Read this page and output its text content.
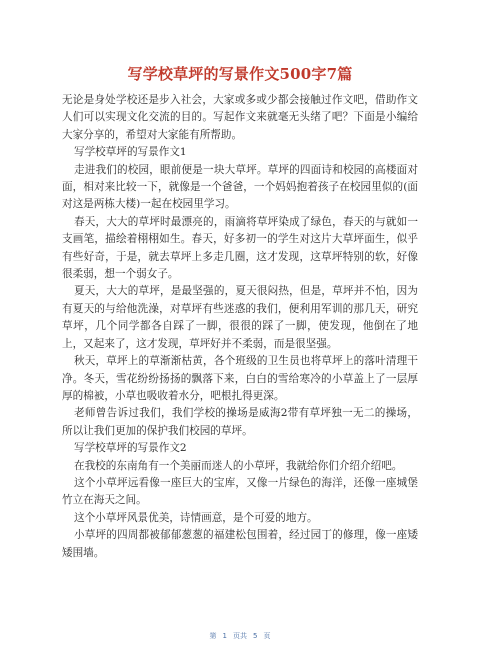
写学校草坪的写景作文500字7篇

无论是身处学校还是步入社会，大家或多或少都会接触过作文吧，借助作文人们可以实现文化交流的目的。写起作文来就毫无头绪了吧？下面是小编给大家分享的，希望对大家能有所帮助。

写学校草坪的写景作文1

走进我们的校园，眼前便是一块大草坪。草坪的四面诗和校园的高楼面对面，相对来比较一下，就像是一个爸爸，一个妈妈抱着孩子在校园里似的(面对这是两栋大楼)一起在校园里学习。

春天，大大的草坪时最漂亮的，雨滴将草坪染成了绿色，春天的与就如一支画笔，描绘着栩栩如生。春天，好多初一的学生对这片大草坪面生，似乎有些好奇，于是，就去草坪上多走几圈，这才发现，这草坪特别的软，好像很柔弱，想一个弱女子。

夏天，大大的草坪，是最坚强的，夏天很闷热，但是，草坪并不怕，因为有夏天的与给他洗澡，对草坪有些迷惑的我们，便利用军训的那几天，研究草坪，几个同学都各自踩了一脚，很很的踩了一脚，使发现，他倒在了地上，又起来了，这才发现，草坪好并不柔弱，而是很坚强。

秋天，草坪上的草渐渐枯黄，各个班级的卫生员也将草坪上的落叶清理干净。冬天，雪花纷纷扬扬的飘落下来，白白的雪给寒冷的小草盖上了一层厚厚的棉被，小草也吸收着水分，吧根扎得更深。

老师曾告诉过我们，我们学校的操场是威海2带有草坪独一无二的操场，所以让我们更加的保护我们校园的草坪。

写学校草坪的写景作文2

在我校的东南角有一个美丽而迷人的小草坪，我就给你们介绍介绍吧。

这个小草坪远看像一座巨大的宝库，又像一片绿色的海洋，还像一座城堡竹立在海天之间。

这个小草坪风景优美，诗情画意，是个可爱的地方。

小草坪的四周都被郁郁葱葱的福建松包围着，经过园丁的修理，像一座矮矮围墙。

第 1 页共 5 页
